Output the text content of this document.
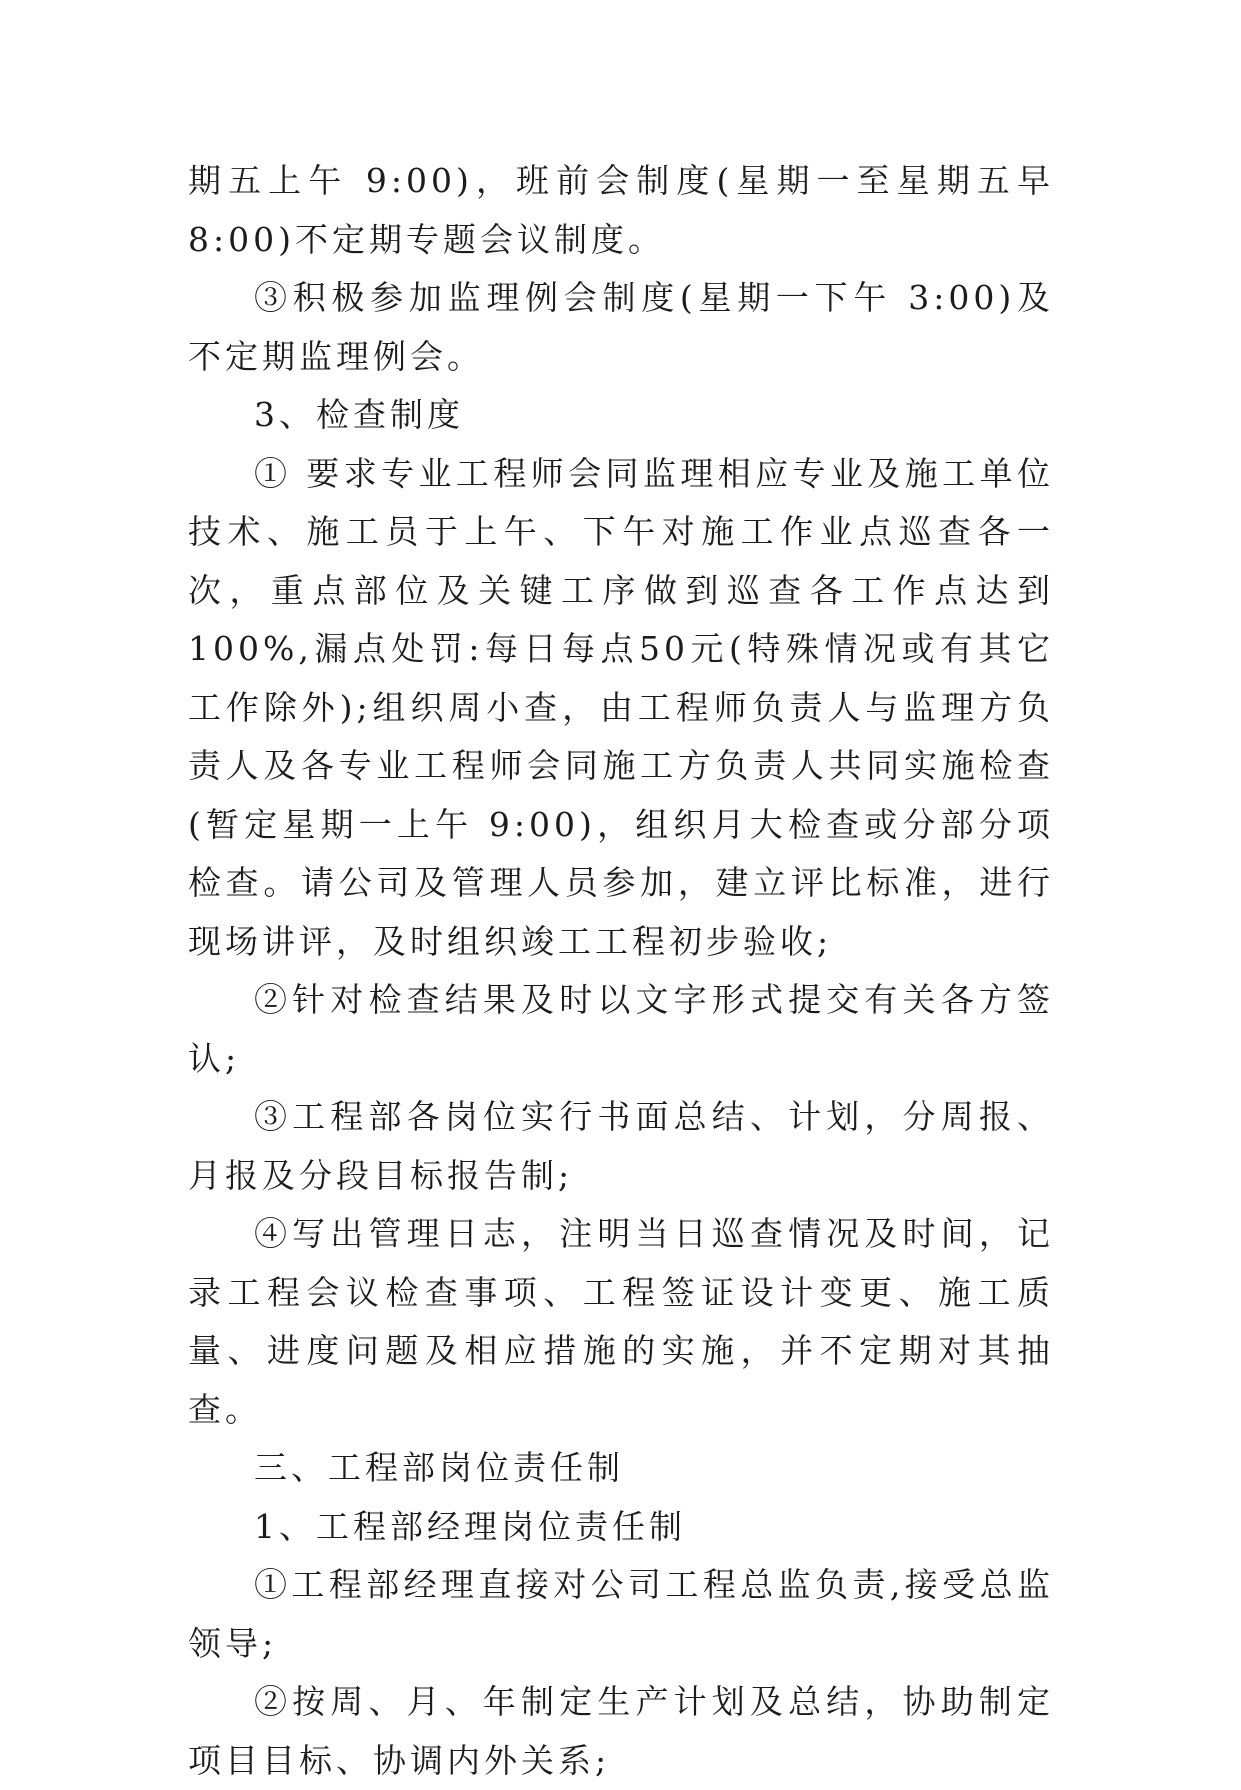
期五上午 9:00)，班前会制度(星期一至星期五早 8:00)不定期专题会议制度。

③积极参加监理例会制度(星期一下午 3:00)及不定期监理例会。

3、检查制度

① 要求专业工程师会同监理相应专业及施工单位技术、施工员于上午、下午对施工作业点巡查各一次，重点部位及关键工序做到巡查各工作点达到100%,漏点处罚:每日每点50元(特殊情况或有其它工作除外);组织周小查，由工程师负责人与监理方负责人及各专业工程师会同施工方负责人共同实施检查(暂定星期一上午 9:00)，组织月大检查或分部分项检查。请公司及管理人员参加，建立评比标准，进行现场讲评，及时组织竣工工程初步验收;

②针对检查结果及时以文字形式提交有关各方签认;

③工程部各岗位实行书面总结、计划，分周报、月报及分段目标报告制;

④写出管理日志，注明当日巡查情况及时间，记录工程会议检查事项、工程签证设计变更、施工质量、进度问题及相应措施的实施，并不定期对其抽查。

三、工程部岗位责任制

1、工程部经理岗位责任制

①工程部经理直接对公司工程总监负责,接受总监领导;

②按周、月、年制定生产计划及总结，协助制定项目目标、协调内外关系;
